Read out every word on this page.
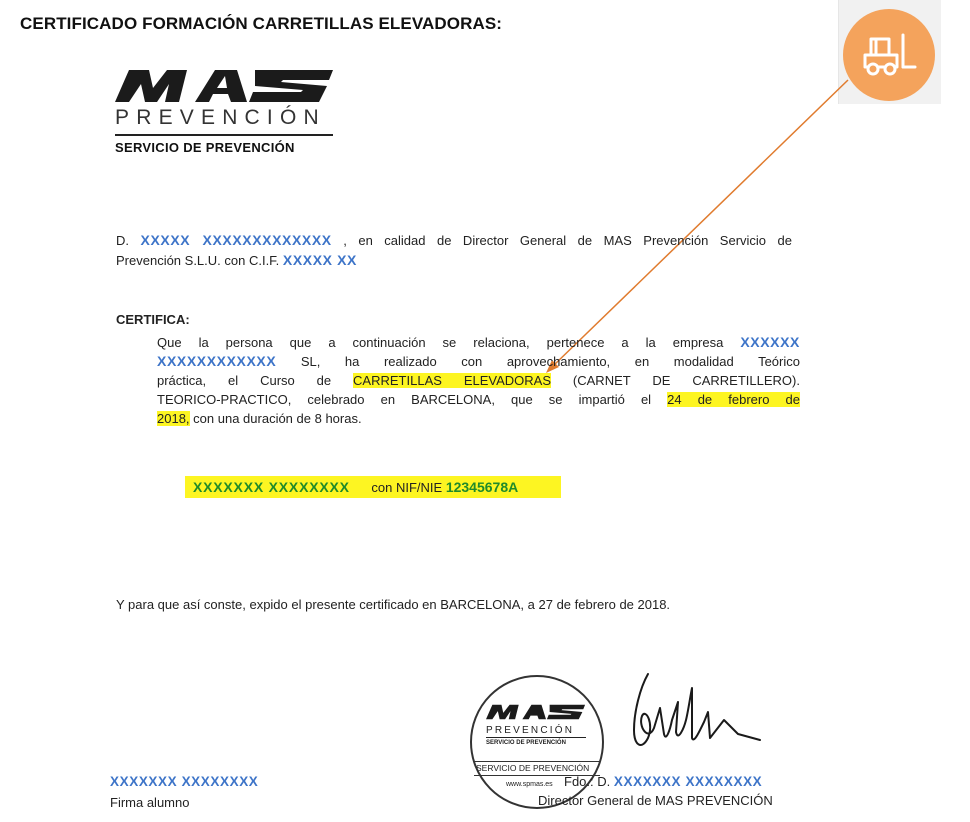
CERTIFICADO FORMACIÓN CARRETILLAS ELEVADORAS:
PREVENCIÓN
SERVICIO DE PREVENCIÓN
D. XXXXX XXXXXXXXXXXXX , en calidad de Director General de MAS Prevención Servicio de
Prevención S.L.U. con C.I.F. XXXXX XX
CERTIFICA:
Que la persona que a continuación se relaciona, pertenece a la empresa XXXXXX
XXXXXXXXXXXX SL, ha realizado con aprovechamiento, en modalidad Teórico
práctica, el Curso de CARRETILLAS ELEVADORAS (CARNET DE CARRETILLERO).
TEORICO-PRACTICO, celebrado en BARCELONA, que se impartió el 24 de febrero de
2018, con una duración de 8 horas.
XXXXXXX XXXXXXXX con NIF/NIE 12345678A
Y para que así conste, expido el presente certificado en BARCELONA, a 27 de febrero de 2018.
PREVENCIÓN
SERVICIO DE PREVENCIÓN
SERVICIO DE PREVENCIÓN
www.spmas.es Fdo.: D. XXXXXXX XXXXXXXX
Director General de MAS PREVENCIÓN
XXXXXXX XXXXXXXX
Firma alumno
